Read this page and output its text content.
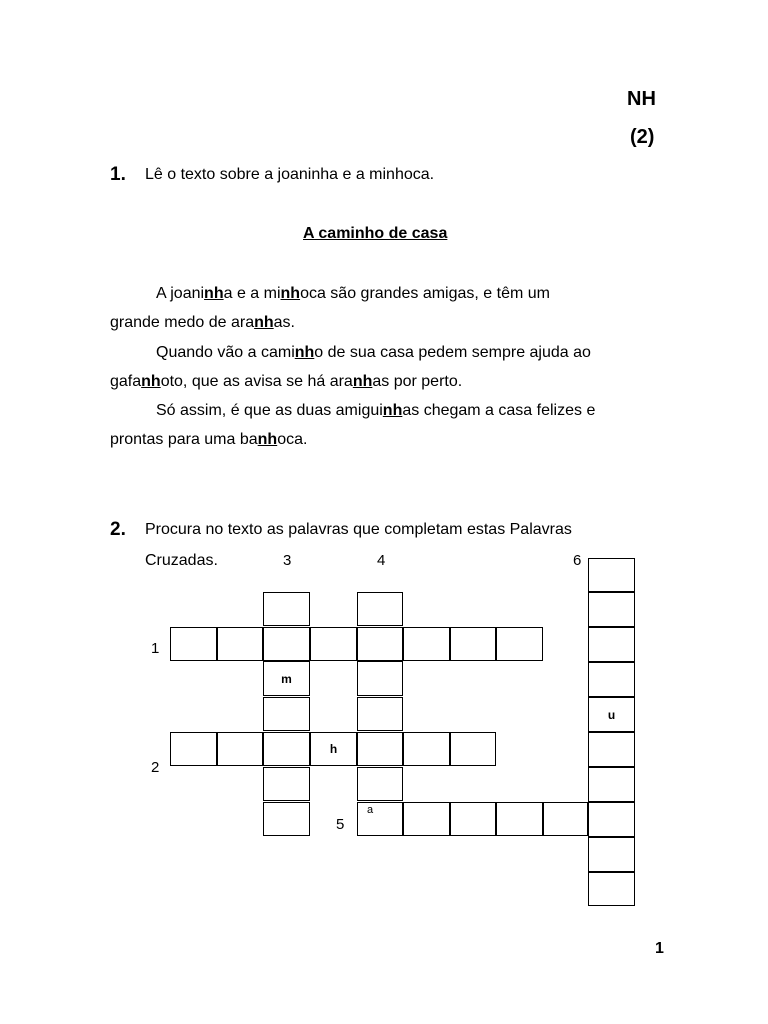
NH
(2)
1. Lê o texto sobre a joaninha e a minhoca.
A caminho de casa
A joaninha e a minhoca são grandes amigas, e têm um
grande medo de aranhas.
Quando vão a caminho de sua casa pedem sempre ajuda ao
gafanhoto, que as avisa se há aranhas por perto.
Só assim, é que as duas amiguinhas chegam a casa felizes e
prontas para uma banhoca.
2. Procura no texto as palavras que completam estas Palavras
Cruzadas.	3	4	6
1
2
5
u
m
h
a
1
